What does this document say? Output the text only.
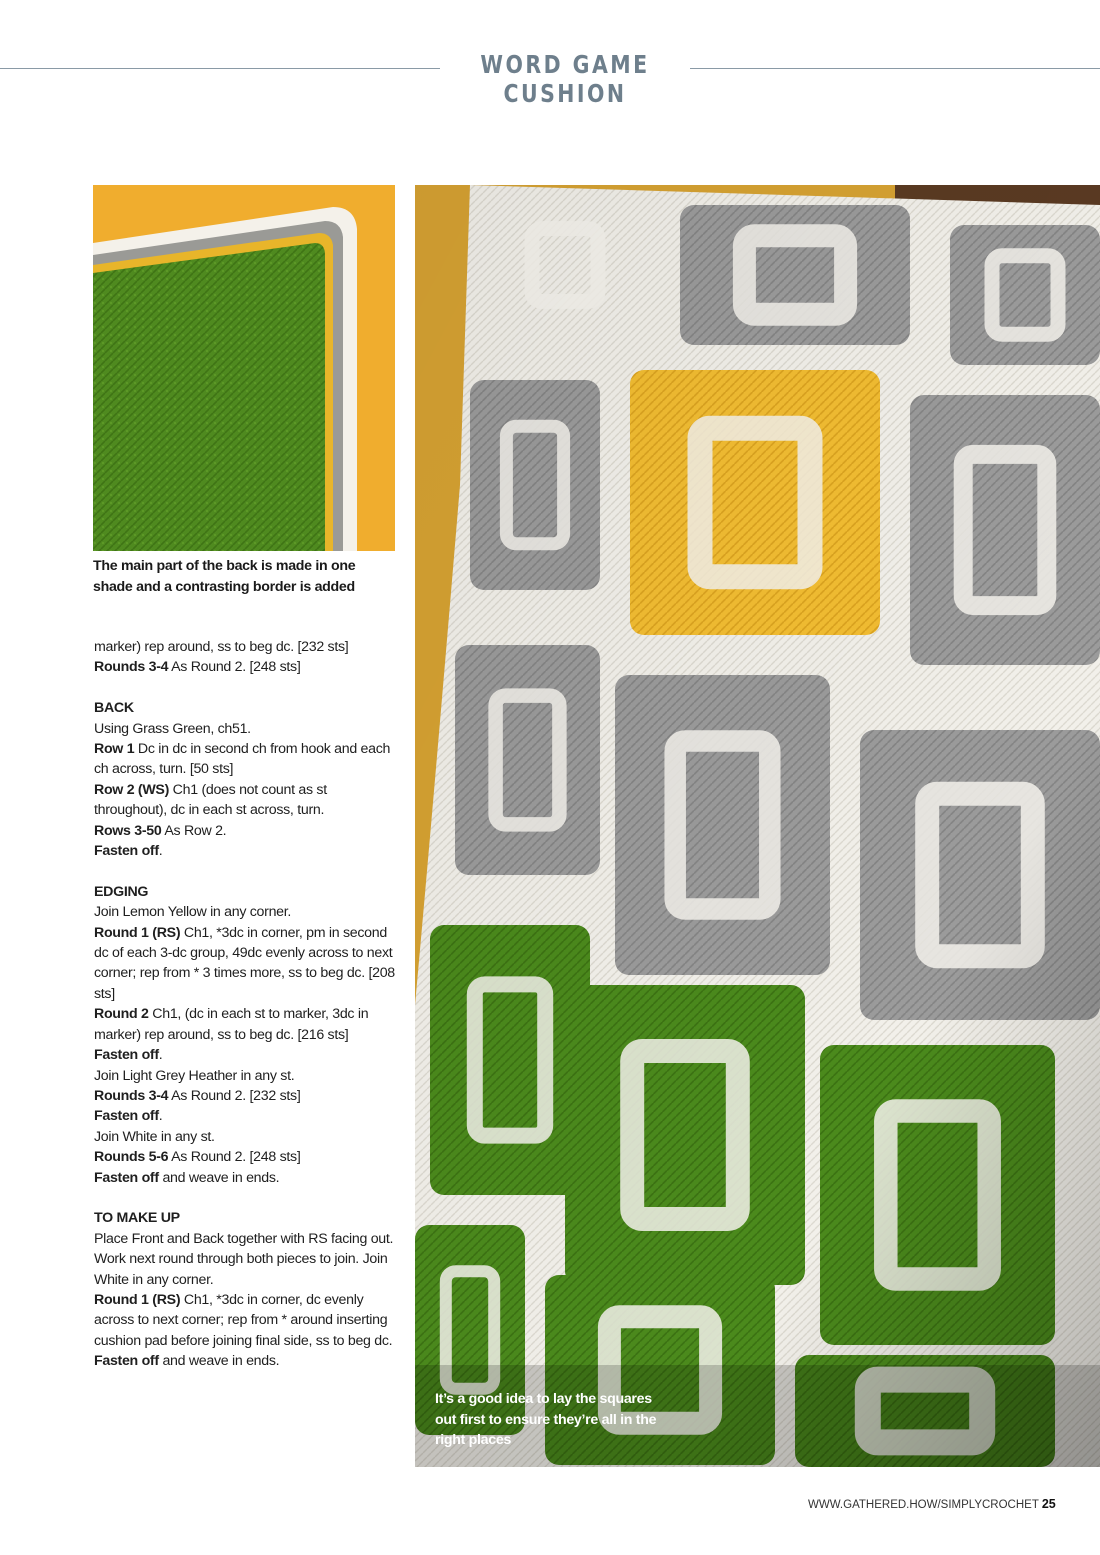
WORD GAME CUSHION
The main part of the back is made in one shade and a contrasting border is added

marker) rep around, ss to beg dc. [232 sts]

Rounds 3-4 As Round 2. [248 sts]

BACK

Using Grass Green, ch51.

Row 1 Dc in dc in second ch from hook and each ch across, turn. [50 sts]

Row 2 (WS) Ch1 (does not count as st throughout), dc in each st across, turn.

Rows 3-50 As Row 2.

Fasten off.

EDGING

Join Lemon Yellow in any corner.

Round 1 (RS) Ch1, *3dc in corner, pm in second dc of each 3-dc group, 49dc evenly across to next corner; rep from * 3 times more, ss to beg dc. [208 sts]

Round 2 Ch1, (dc in each st to marker, 3dc in marker) rep around, ss to beg dc. [216 sts]

Fasten off.

Join Light Grey Heather in any st.

Rounds 3-4 As Round 2. [232 sts]

Fasten off.

Join White in any st.

Rounds 5-6 As Round 2. [248 sts]

Fasten off and weave in ends.

TO MAKE UP

Place Front and Back together with RS facing out. Work next round through both pieces to join. Join White in any corner.

Round 1 (RS) Ch1, *3dc in corner, dc evenly across to next corner; rep from * around inserting cushion pad before joining final side, ss to beg dc.

Fasten off and weave in ends.

It’s a good idea to lay the squares out first to ensure they’re all in the right places
WWW.GATHERED.HOW/SIMPLYCROCHET 25
